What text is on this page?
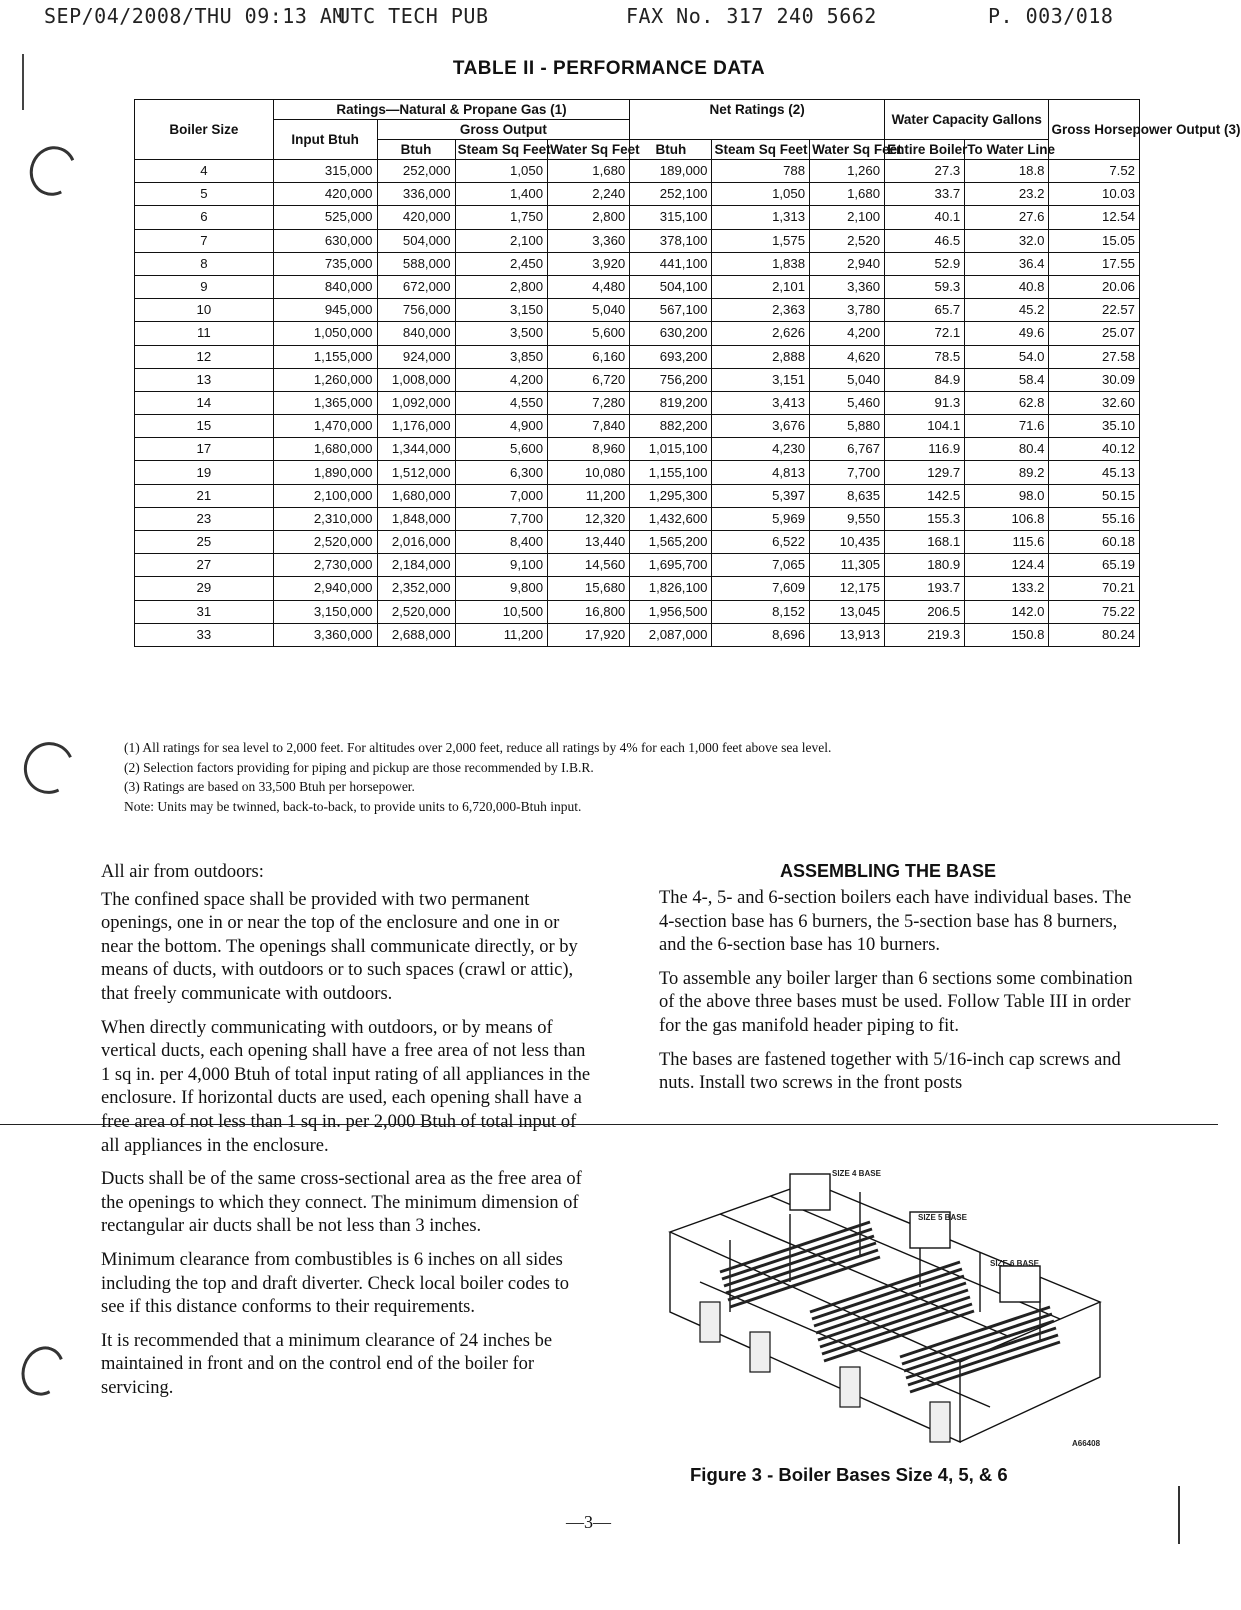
SEP/04/2008/THU 09:13 AM
UTC TECH PUB	FAX No. 317 240 5662	P. 003/018
TABLE II - PERFORMANCE DATA
Boiler Size	Ratings—Natural & Propane Gas (1)				Net Ratings (2)			Water Capacity Gallons		Gross Horsepower Output (3)
	Input Btuh	Gross Output								
		Btuh	Steam Sq Feet	Water Sq Feet	Btuh	Steam Sq Feet	Water Sq Feet	Entire Boiler	To Water Line	
4	315,000	252,000	1,050	1,680	189,000	788	1,260	27.3	18.8	7.52
5	420,000	336,000	1,400	2,240	252,100	1,050	1,680	33.7	23.2	10.03
6	525,000	420,000	1,750	2,800	315,100	1,313	2,100	40.1	27.6	12.54
7	630,000	504,000	2,100	3,360	378,100	1,575	2,520	46.5	32.0	15.05
8	735,000	588,000	2,450	3,920	441,100	1,838	2,940	52.9	36.4	17.55
9	840,000	672,000	2,800	4,480	504,100	2,101	3,360	59.3	40.8	20.06
10	945,000	756,000	3,150	5,040	567,100	2,363	3,780	65.7	45.2	22.57
11	1,050,000	840,000	3,500	5,600	630,200	2,626	4,200	72.1	49.6	25.07
12	1,155,000	924,000	3,850	6,160	693,200	2,888	4,620	78.5	54.0	27.58
13	1,260,000	1,008,000	4,200	6,720	756,200	3,151	5,040	84.9	58.4	30.09
14	1,365,000	1,092,000	4,550	7,280	819,200	3,413	5,460	91.3	62.8	32.60
15	1,470,000	1,176,000	4,900	7,840	882,200	3,676	5,880	104.1	71.6	35.10
17	1,680,000	1,344,000	5,600	8,960	1,015,100	4,230	6,767	116.9	80.4	40.12
19	1,890,000	1,512,000	6,300	10,080	1,155,100	4,813	7,700	129.7	89.2	45.13
21	2,100,000	1,680,000	7,000	11,200	1,295,300	5,397	8,635	142.5	98.0	50.15
23	2,310,000	1,848,000	7,700	12,320	1,432,600	5,969	9,550	155.3	106.8	55.16
25	2,520,000	2,016,000	8,400	13,440	1,565,200	6,522	10,435	168.1	115.6	60.18
27	2,730,000	2,184,000	9,100	14,560	1,695,700	7,065	11,305	180.9	124.4	65.19
29	2,940,000	2,352,000	9,800	15,680	1,826,100	7,609	12,175	193.7	133.2	70.21
31	3,150,000	2,520,000	10,500	16,800	1,956,500	8,152	13,045	206.5	142.0	75.22
33	3,360,000	2,688,000	11,200	17,920	2,087,000	8,696	13,913	219.3	150.8	80.24

(1) All ratings for sea level to 2,000 feet. For altitudes over 2,000 feet, reduce all ratings by 4% for each 1,000 feet above sea level.

(2) Selection factors providing for piping and pickup are those recommended by I.B.R.

(3) Ratings are based on 33,500 Btuh per horsepower.

Note: Units may be twinned, back-to-back, to provide units to 6,720,000-Btuh input.

All air from outdoors:

The confined space shall be provided with two permanent openings, one in or near the top of the enclosure and one in or near the bottom. The openings shall communicate directly, or by means of ducts, with outdoors or to such spaces (crawl or attic), that freely communicate with outdoors.

When directly communicating with outdoors, or by means of vertical ducts, each opening shall have a free area of not less than 1 sq in. per 4,000 Btuh of total input rating of all appliances in the enclosure. If horizontal ducts are used, each opening shall have a free area of not less than 1 sq in. per 2,000 Btuh of total input of all appliances in the enclosure.

Ducts shall be of the same cross-sectional area as the free area of the openings to which they connect. The minimum dimension of rectangular air ducts shall be not less than 3 inches.

Minimum clearance from combustibles is 6 inches on all sides including the top and draft diverter. Check local boiler codes to see if this distance conforms to their requirements.

It is recommended that a minimum clearance of 24 inches be maintained in front and on the control end of the boiler for servicing.

ASSEMBLING THE BASE

The 4-, 5- and 6-section boilers each have individual bases. The 4-section base has 6 burners, the 5-section base has 8 burners, and the 6-section base has 10 burners.

To assemble any boiler larger than 6 sections some combination of the above three bases must be used. Follow Table III in order for the gas manifold header piping to fit.

The bases are fastened together with 5/16-inch cap screws and nuts. Install two screws in the front posts

SIZE 4 BASE
SIZE 5 BASE
SIZE 6 BASE
A66408
Figure 3 - Boiler Bases Size 4, 5, & 6
—3—
